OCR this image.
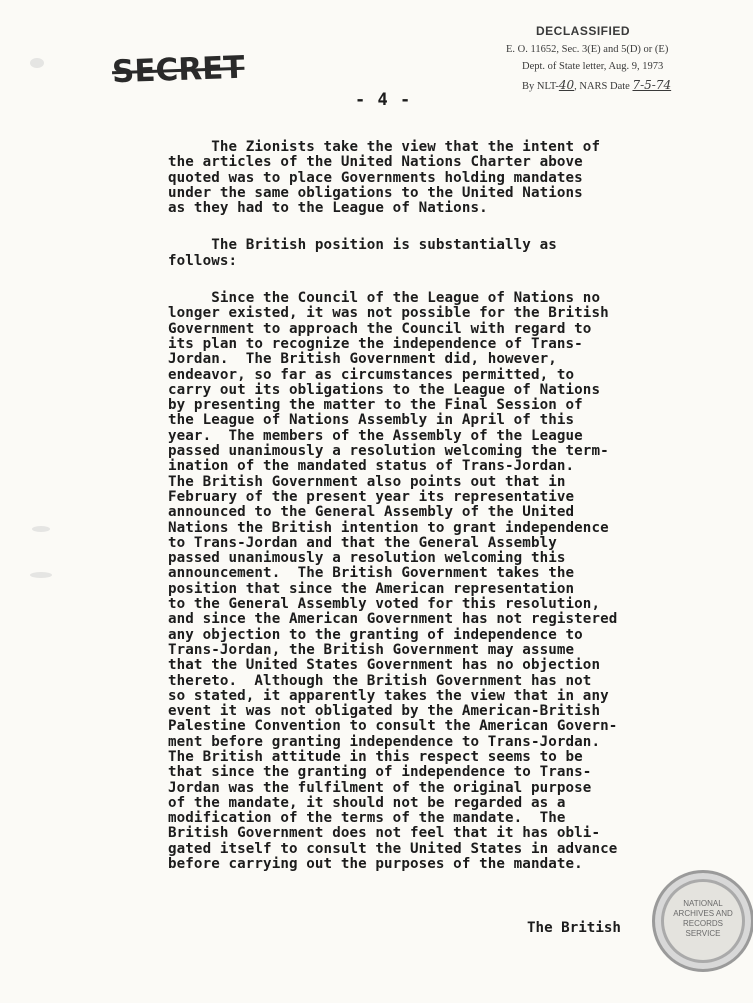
SECRET
DECLASSIFIED
E. O. 11652, Sec. 3(E) and 5(D) or (E)
Dept. of State letter, Aug. 9, 1973
By NLT-40, NARS Date 7-5-74
- 4 -

The Zionists take the view that the intent of
the articles of the United Nations Charter above
quoted was to place Governments holding mandates
under the same obligations to the United Nations
as they had to the League of Nations.

The British position is substantially as
follows:

Since the Council of the League of Nations no
longer existed, it was not possible for the British
Government to approach the Council with regard to
its plan to recognize the independence of Trans-
Jordan.  The British Government did, however,
endeavor, so far as circumstances permitted, to
carry out its obligations to the League of Nations
by presenting the matter to the Final Session of
the League of Nations Assembly in April of this
year.  The members of the Assembly of the League
passed unanimously a resolution welcoming the term-
ination of the mandated status of Trans-Jordan.
The British Government also points out that in
February of the present year its representative
announced to the General Assembly of the United
Nations the British intention to grant independence
to Trans-Jordan and that the General Assembly
passed unanimously a resolution welcoming this
announcement.  The British Government takes the
position that since the American representation
to the General Assembly voted for this resolution,
and since the American Government has not registered
any objection to the granting of independence to
Trans-Jordan, the British Government may assume
that the United States Government has no objection
thereto.  Although the British Government has not
so stated, it apparently takes the view that in any
event it was not obligated by the American-British
Palestine Convention to consult the American Govern-
ment before granting independence to Trans-Jordan.
The British attitude in this respect seems to be
that since the granting of independence to Trans-
Jordan was the fulfilment of the original purpose
of the mandate, it should not be regarded as a
modification of the terms of the mandate.  The
British Government does not feel that it has obli-
gated itself to consult the United States in advance
before carrying out the purposes of the mandate.

The British
NATIONAL
ARCHIVES AND
RECORDS
SERVICE
